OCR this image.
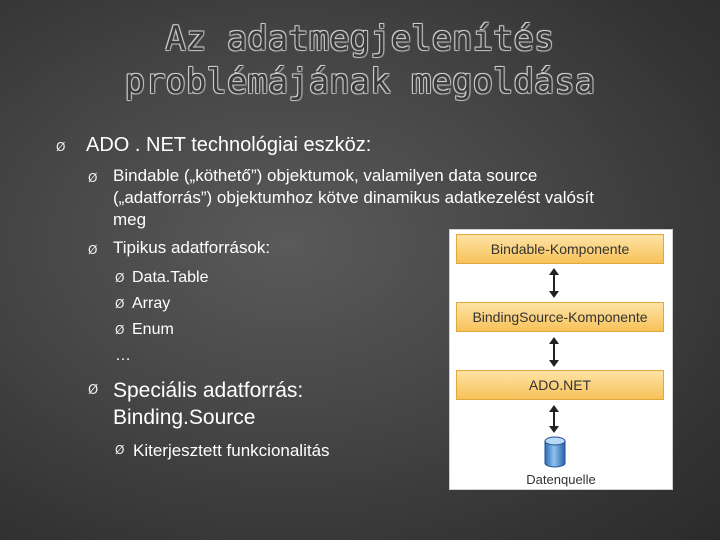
Az adatmegjelenítés
problémájának megoldása
Ø ADO . NET technológiai eszköz:
Ø Bindable („köthető”) objektumok, valamilyen data source
(„adatforrás”) objektumhoz kötve dinamikus adatkezelést valósít
meg
Ø Tipikus adatforrások:
Ø Data.Table
Ø Array
Ø Enum
…
Ø Speciális adatforrás:
Binding.Source
Ø Kiterjesztett funkcionalitás
Bindable-Komponente
BindingSource-Komponente
ADO.NET
Datenquelle
